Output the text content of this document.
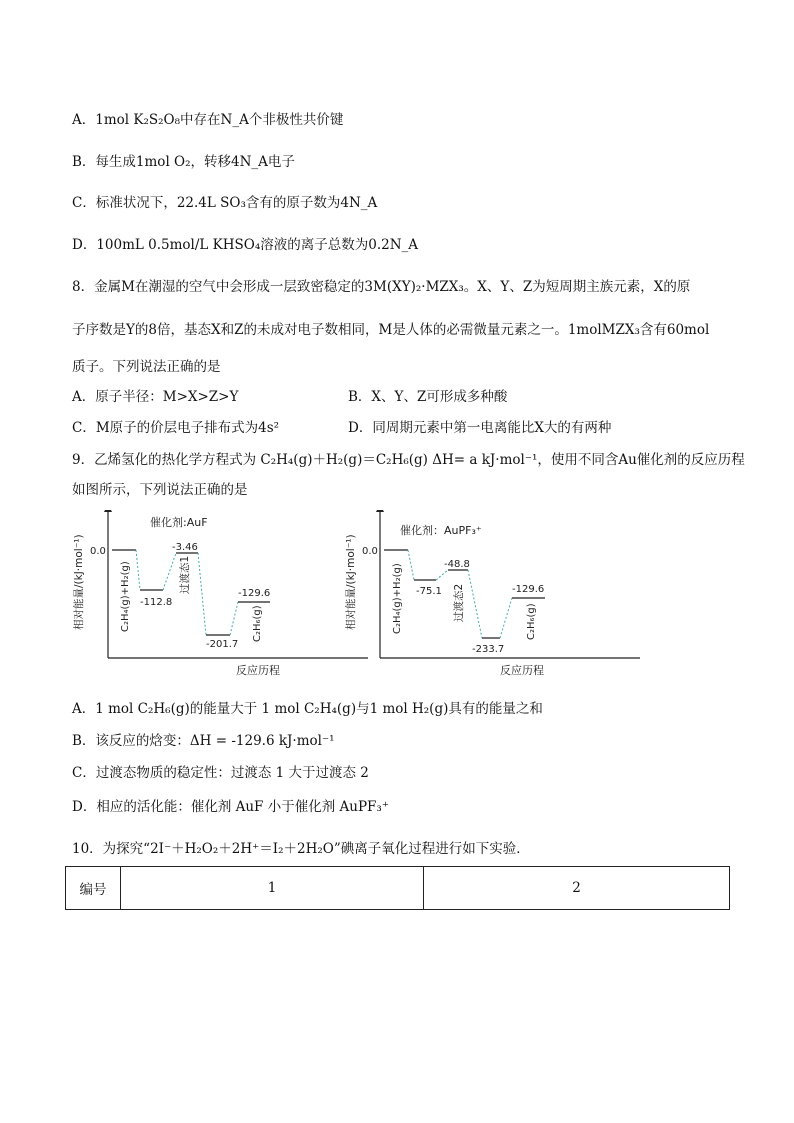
A．1mol K₂S₂O₈中存在N_A个非极性共价键
B．每生成1mol O₂，转移4N_A电子
C．标准状况下，22.4L SO₃含有的原子数为4N_A
D．100mL 0.5mol/L KHSO₄溶液的离子总数为0.2N_A
8．金属M在潮湿的空气中会形成一层致密稳定的3M(XY)₂·MZX₃。X、Y、Z为短周期主族元素，X的原
子序数是Y的8倍，基态X和Z的未成对电子数相同，M是人体的必需微量元素之一。1molMZX₃含有60mol
质子。下列说法正确的是
A．原子半径：M>X>Z>Y	B．X、Y、Z可形成多种酸
C．M原子的价层电子排布式为4s²	D．同周期元素中第一电离能比X大的有两种
9．乙烯氢化的热化学方程式为 C₂H₄(g)＋H₂(g)＝C₂H₆(g) ΔH= a kJ·mol⁻¹，使用不同含Au催化剂的反应历程
如图所示，下列说法正确的是
相对能量/(kJ·mol⁻¹)
催化剂:AuF
0.0
-112.8
-3.46
过渡态1
-201.7
-129.6
C₂H₄(g)+H₂(g)	C₂H₆(g)
反应历程
相对能量/(kJ·mol⁻¹)
催化剂：AuPF₃⁺
0.0
-75.1
-48.8
过渡态2
-233.7
-129.6
C₂H₄(g)+H₂(g)	C₂H₆(g)
反应历程
A．1 mol C₂H₆(g)的能量大于 1 mol C₂H₄(g)与1 mol H₂(g)具有的能量之和
B．该反应的焓变：ΔH = -129.6 kJ·mol⁻¹
C．过渡态物质的稳定性：过渡态 1 大于过渡态 2
D．相应的活化能：催化剂 AuF 小于催化剂 AuPF₃⁺
10．为探究“2I⁻＋H₂O₂＋2H⁺＝I₂＋2H₂O”碘离子氧化过程进行如下实验．
编号	1	2
